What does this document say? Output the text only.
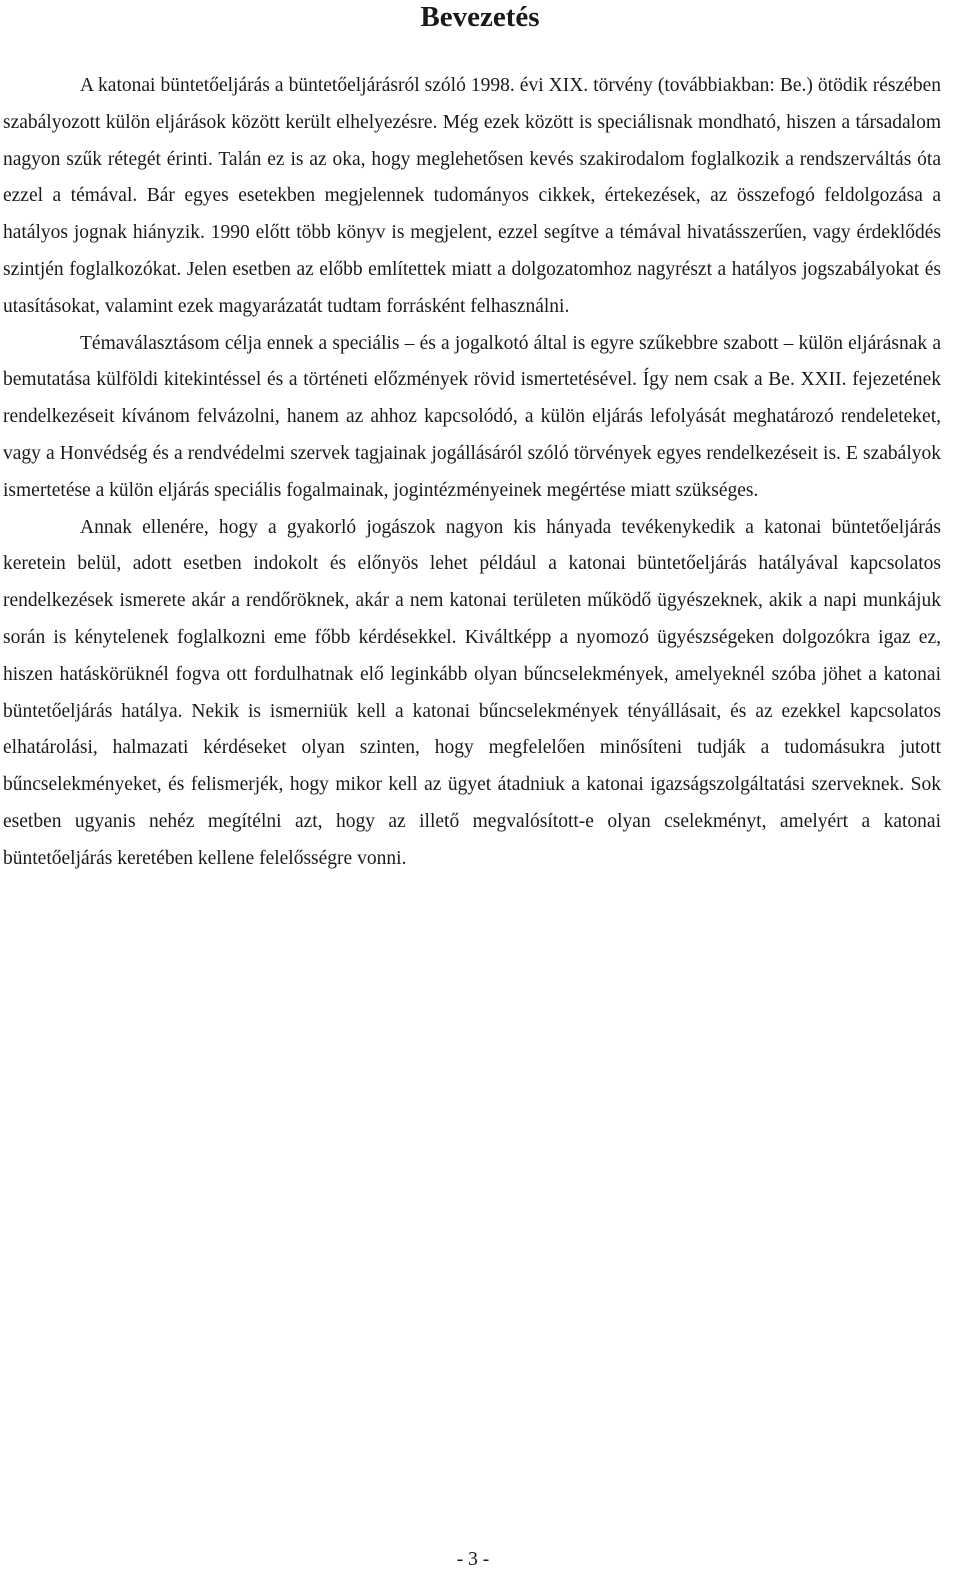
Bevezetés

A katonai büntetőeljárás a büntetőeljárásról szóló 1998. évi XIX. törvény (továbbiakban: Be.) ötödik részében szabályozott külön eljárások között került elhelyezésre. Még ezek között is speciálisnak mondható, hiszen a társadalom nagyon szűk rétegét érinti. Talán ez is az oka, hogy meglehetősen kevés szakirodalom foglalkozik a rendszerváltás óta ezzel a témával. Bár egyes esetekben megjelennek tudományos cikkek, értekezések, az összefogó feldolgozása a hatályos jognak hiányzik. 1990 előtt több könyv is megjelent, ezzel segítve a témával hivatásszerűen, vagy érdeklődés szintjén foglalkozókat. Jelen esetben az előbb említettek miatt a dolgozatomhoz nagyrészt a hatályos jogszabályokat és utasításokat, valamint ezek magyarázatát tudtam forrásként felhasználni.

Témaválasztásom célja ennek a speciális – és a jogalkotó által is egyre szűkebbre szabott – külön eljárásnak a bemutatása külföldi kitekintéssel és a történeti előzmények rövid ismertetésével. Így nem csak a Be. XXII. fejezetének rendelkezéseit kívánom felvázolni, hanem az ahhoz kapcsolódó, a külön eljárás lefolyását meghatározó rendeleteket, vagy a Honvédség és a rendvédelmi szervek tagjainak jogállásáról szóló törvények egyes rendelkezéseit is. E szabályok ismertetése a külön eljárás speciális fogalmainak, jogintézményeinek megértése miatt szükséges.

Annak ellenére, hogy a gyakorló jogászok nagyon kis hányada tevékenykedik a katonai büntetőeljárás keretein belül, adott esetben indokolt és előnyös lehet például a katonai büntetőeljárás hatályával kapcsolatos rendelkezések ismerete akár a rendőröknek, akár a nem katonai területen működő ügyészeknek, akik a napi munkájuk során is kénytelenek foglalkozni eme főbb kérdésekkel. Kiváltképp a nyomozó ügyészségeken dolgozókra igaz ez, hiszen hatáskörüknél fogva ott fordulhatnak elő leginkább olyan bűncselekmények, amelyeknél szóba jöhet a katonai büntetőeljárás hatálya. Nekik is ismerniük kell a katonai bűncselekmények tényállásait, és az ezekkel kapcsolatos elhatárolási, halmazati kérdéseket olyan szinten, hogy megfelelően minősíteni tudják a tudomásukra jutott bűncselekményeket, és felismerjék, hogy mikor kell az ügyet átadniuk a katonai igazságszolgáltatási szerveknek. Sok esetben ugyanis nehéz megítélni azt, hogy az illető megvalósított-e olyan cselekményt, amelyért a katonai büntetőeljárás keretében kellene felelősségre vonni.

- 3 -
